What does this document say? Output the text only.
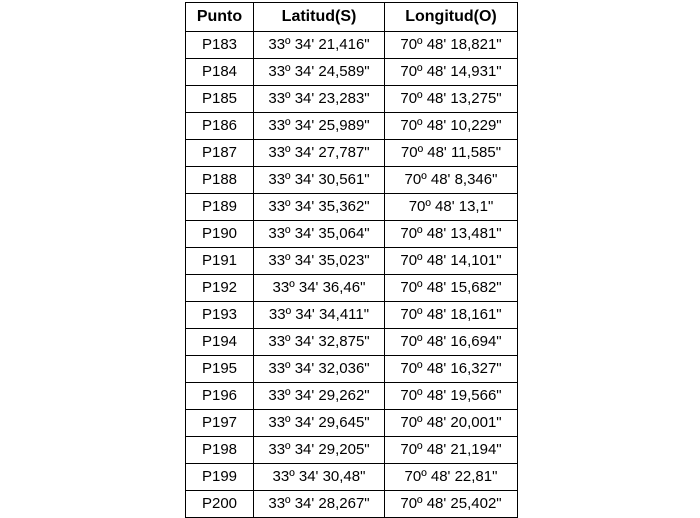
Punto	Latitud(S)	Longitud(O)
P183	33º 34' 21,416"	70º 48' 18,821"
P184	33º 34' 24,589"	70º 48' 14,931"
P185	33º 34' 23,283"	70º 48' 13,275"
P186	33º 34' 25,989"	70º 48' 10,229"
P187	33º 34' 27,787"	70º 48' 11,585"
P188	33º 34' 30,561"	70º 48' 8,346"
P189	33º 34' 35,362"	70º 48' 13,1"
P190	33º 34' 35,064"	70º 48' 13,481"
P191	33º 34' 35,023"	70º 48' 14,101"
P192	33º 34' 36,46"	70º 48' 15,682"
P193	33º 34' 34,411"	70º 48' 18,161"
P194	33º 34' 32,875"	70º 48' 16,694"
P195	33º 34' 32,036"	70º 48' 16,327"
P196	33º 34' 29,262"	70º 48' 19,566"
P197	33º 34' 29,645"	70º 48' 20,001"
P198	33º 34' 29,205"	70º 48' 21,194"
P199	33º 34' 30,48"	70º 48' 22,81"
P200	33º 34' 28,267"	70º 48' 25,402"
